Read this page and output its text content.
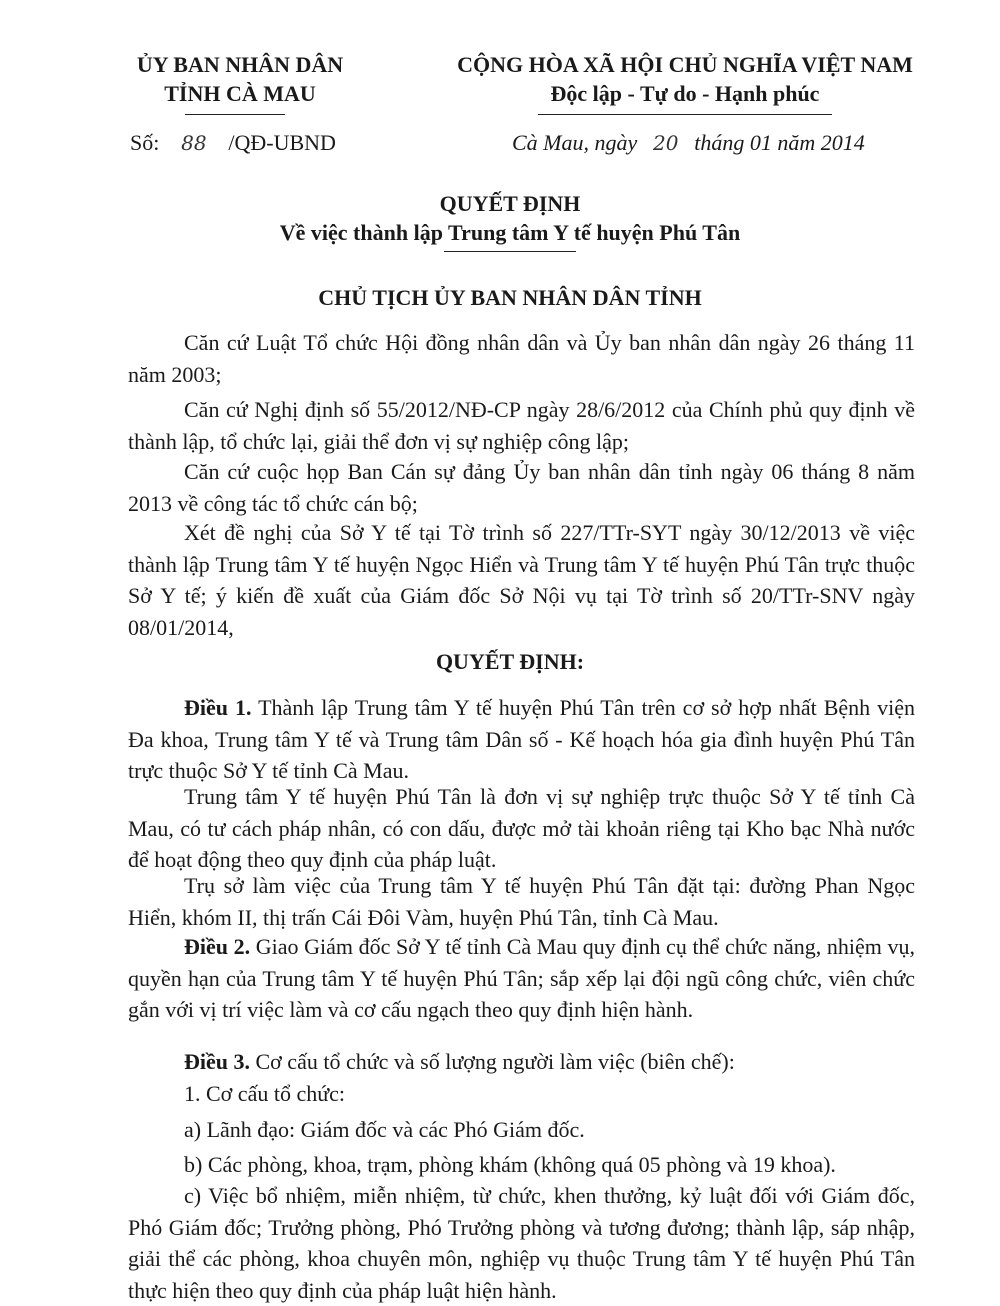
ỦY BAN NHÂN DÂN
TỈNH CÀ MAU
CỘNG HÒA XÃ HỘI CHỦ NGHĨA VIỆT NAM
Độc lập - Tự do - Hạnh phúc
Số: 88 /QĐ-UBND	Cà Mau, ngày 20 tháng 01 năm 2014
QUYẾT ĐỊNH
Về việc thành lập Trung tâm Y tế huyện Phú Tân
CHỦ TỊCH ỦY BAN NHÂN DÂN TỈNH
Căn cứ Luật Tổ chức Hội đồng nhân dân và Ủy ban nhân dân ngày 26 tháng 11 năm 2003;
Căn cứ Nghị định số 55/2012/NĐ-CP ngày 28/6/2012 của Chính phủ quy định về thành lập, tổ chức lại, giải thể đơn vị sự nghiệp công lập;
Căn cứ cuộc họp Ban Cán sự đảng Ủy ban nhân dân tỉnh ngày 06 tháng 8 năm 2013 về công tác tổ chức cán bộ;
Xét đề nghị của Sở Y tế tại Tờ trình số 227/TTr-SYT ngày 30/12/2013 về việc thành lập Trung tâm Y tế huyện Ngọc Hiển và Trung tâm Y tế huyện Phú Tân trực thuộc Sở Y tế; ý kiến đề xuất của Giám đốc Sở Nội vụ tại Tờ trình số 20/TTr-SNV ngày 08/01/2014,
QUYẾT ĐỊNH:
Điều 1. Thành lập Trung tâm Y tế huyện Phú Tân trên cơ sở hợp nhất Bệnh viện Đa khoa, Trung tâm Y tế và Trung tâm Dân số - Kế hoạch hóa gia đình huyện Phú Tân trực thuộc Sở Y tế tỉnh Cà Mau.
Trung tâm Y tế huyện Phú Tân là đơn vị sự nghiệp trực thuộc Sở Y tế tỉnh Cà Mau, có tư cách pháp nhân, có con dấu, được mở tài khoản riêng tại Kho bạc Nhà nước để hoạt động theo quy định của pháp luật.
Trụ sở làm việc của Trung tâm Y tế huyện Phú Tân đặt tại: đường Phan Ngọc Hiển, khóm II, thị trấn Cái Đôi Vàm, huyện Phú Tân, tỉnh Cà Mau.
Điều 2. Giao Giám đốc Sở Y tế tỉnh Cà Mau quy định cụ thể chức năng, nhiệm vụ, quyền hạn của Trung tâm Y tế huyện Phú Tân; sắp xếp lại đội ngũ công chức, viên chức gắn với vị trí việc làm và cơ cấu ngạch theo quy định hiện hành.
Điều 3. Cơ cấu tổ chức và số lượng người làm việc (biên chế):
1. Cơ cấu tổ chức:
a) Lãnh đạo: Giám đốc và các Phó Giám đốc.
b) Các phòng, khoa, trạm, phòng khám (không quá 05 phòng và 19 khoa).
c) Việc bổ nhiệm, miễn nhiệm, từ chức, khen thưởng, kỷ luật đối với Giám đốc, Phó Giám đốc; Trưởng phòng, Phó Trưởng phòng và tương đương; thành lập, sáp nhập, giải thể các phòng, khoa chuyên môn, nghiệp vụ thuộc Trung tâm Y tế huyện Phú Tân thực hiện theo quy định của pháp luật hiện hành.
